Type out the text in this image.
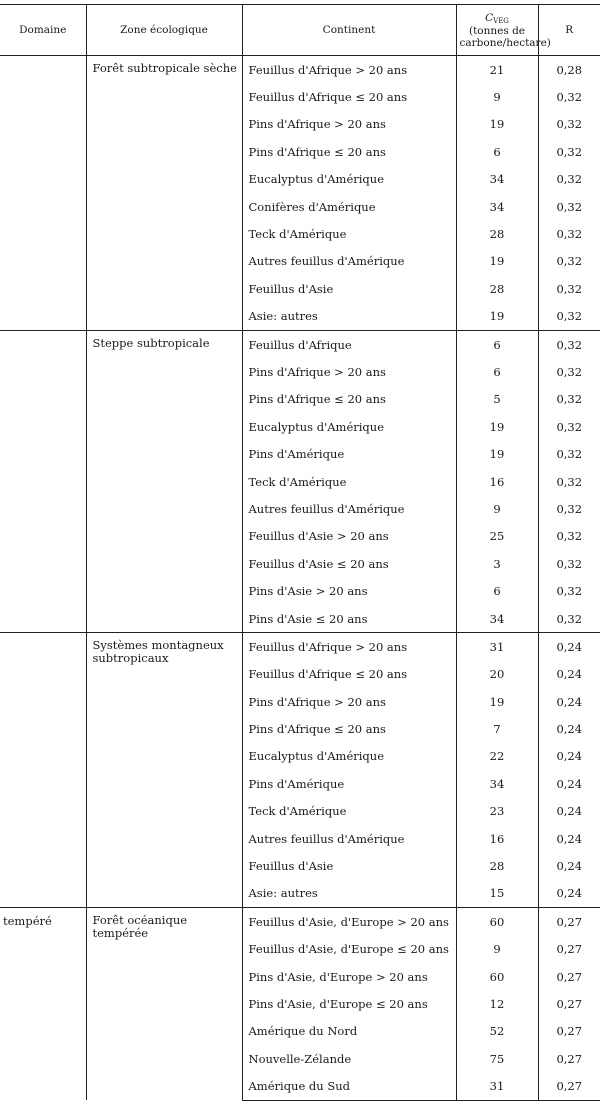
Domaine	Zone écologique	Continent	$C_{VEG}$
(tonnes de carbone/hectare)	R
	Forêt subtropicale sèche	Feuillus d'Afrique > 20 ans	21	0,28
		Feuillus d'Afrique ≤ 20 ans	9	0,32
		Pins d'Afrique > 20 ans	19	0,32
		Pins d'Afrique ≤ 20 ans	6	0,32
		Eucalyptus d'Amérique	34	0,32
		Conifères d'Amérique	34	0,32
		Teck d'Amérique	28	0,32
		Autres feuillus d'Amérique	19	0,32
		Feuillus d'Asie	28	0,32
		Asie: autres	19	0,32
	Steppe subtropicale	Feuillus d'Afrique	6	0,32
		Pins d'Afrique > 20 ans	6	0,32
		Pins d'Afrique ≤ 20 ans	5	0,32
		Eucalyptus d'Amérique	19	0,32
		Pins d'Amérique	19	0,32
		Teck d'Amérique	16	0,32
		Autres feuillus d'Amérique	9	0,32
		Feuillus d'Asie > 20 ans	25	0,32
		Feuillus d'Asie ≤ 20 ans	3	0,32
		Pins d'Asie > 20 ans	6	0,32
		Pins d'Asie ≤ 20 ans	34	0,32
	Systèmes montagneux subtropicaux	Feuillus d'Afrique > 20 ans	31	0,24
		Feuillus d'Afrique ≤ 20 ans	20	0,24
		Pins d'Afrique > 20 ans	19	0,24
		Pins d'Afrique ≤ 20 ans	7	0,24
		Eucalyptus d'Amérique	22	0,24
		Pins d'Amérique	34	0,24
		Teck d'Amérique	23	0,24
		Autres feuillus d'Amérique	16	0,24
		Feuillus d'Asie	28	0,24
		Asie: autres	15	0,24
tempéré	Forêt océanique tempérée	Feuillus d'Asie, d'Europe > 20 ans	60	0,27
		Feuillus d'Asie, d'Europe ≤ 20 ans	9	0,27
		Pins d'Asie, d'Europe > 20 ans	60	0,27
		Pins d'Asie, d'Europe ≤ 20 ans	12	0,27
		Amérique du Nord	52	0,27
		Nouvelle-Zélande	75	0,27
		Amérique du Sud	31	0,27
